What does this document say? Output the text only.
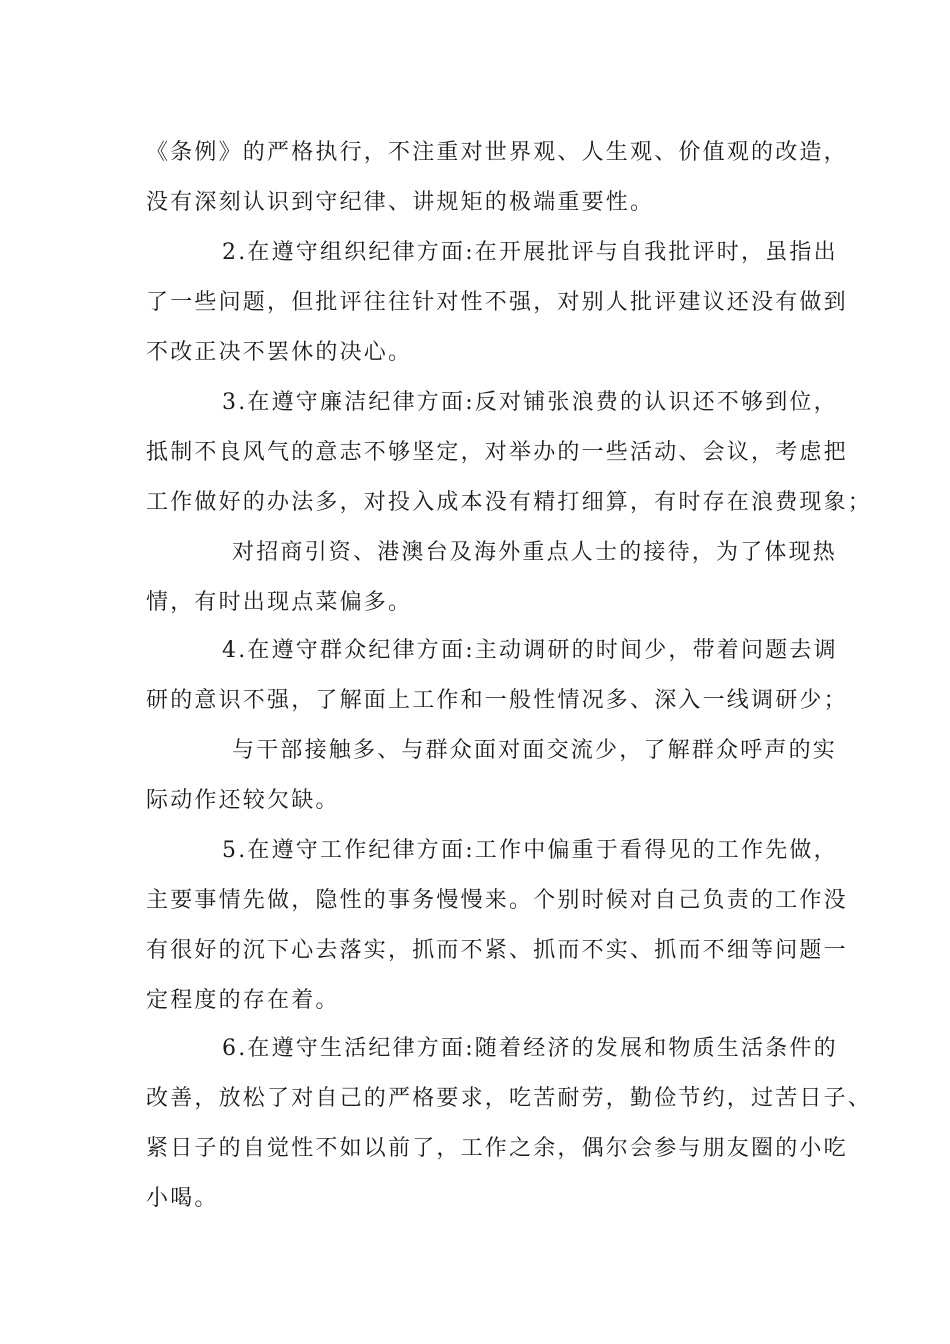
《条例》的严格执行，不注重对世界观、人生观、价值观的改造，
没有深刻认识到守纪律、讲规矩的极端重要性。
2.在遵守组织纪律方面:在开展批评与自我批评时，虽指出
了一些问题，但批评往往针对性不强，对别人批评建议还没有做到
不改正决不罢休的决心。
3.在遵守廉洁纪律方面:反对铺张浪费的认识还不够到位，
抵制不良风气的意志不够坚定，对举办的一些活动、会议，考虑把
工作做好的办法多，对投入成本没有精打细算，有时存在浪费现象；
对招商引资、港澳台及海外重点人士的接待，为了体现热
情，有时出现点菜偏多。
4.在遵守群众纪律方面:主动调研的时间少，带着问题去调
研的意识不强，了解面上工作和一般性情况多、深入一线调研少；
与干部接触多、与群众面对面交流少，了解群众呼声的实
际动作还较欠缺。
5.在遵守工作纪律方面:工作中偏重于看得见的工作先做，
主要事情先做，隐性的事务慢慢来。个别时候对自己负责的工作没
有很好的沉下心去落实，抓而不紧、抓而不实、抓而不细等问题一
定程度的存在着。
6.在遵守生活纪律方面:随着经济的发展和物质生活条件的
改善，放松了对自己的严格要求，吃苦耐劳，勤俭节约，过苦日子、
紧日子的自觉性不如以前了，工作之余，偶尔会参与朋友圈的小吃
小喝。
